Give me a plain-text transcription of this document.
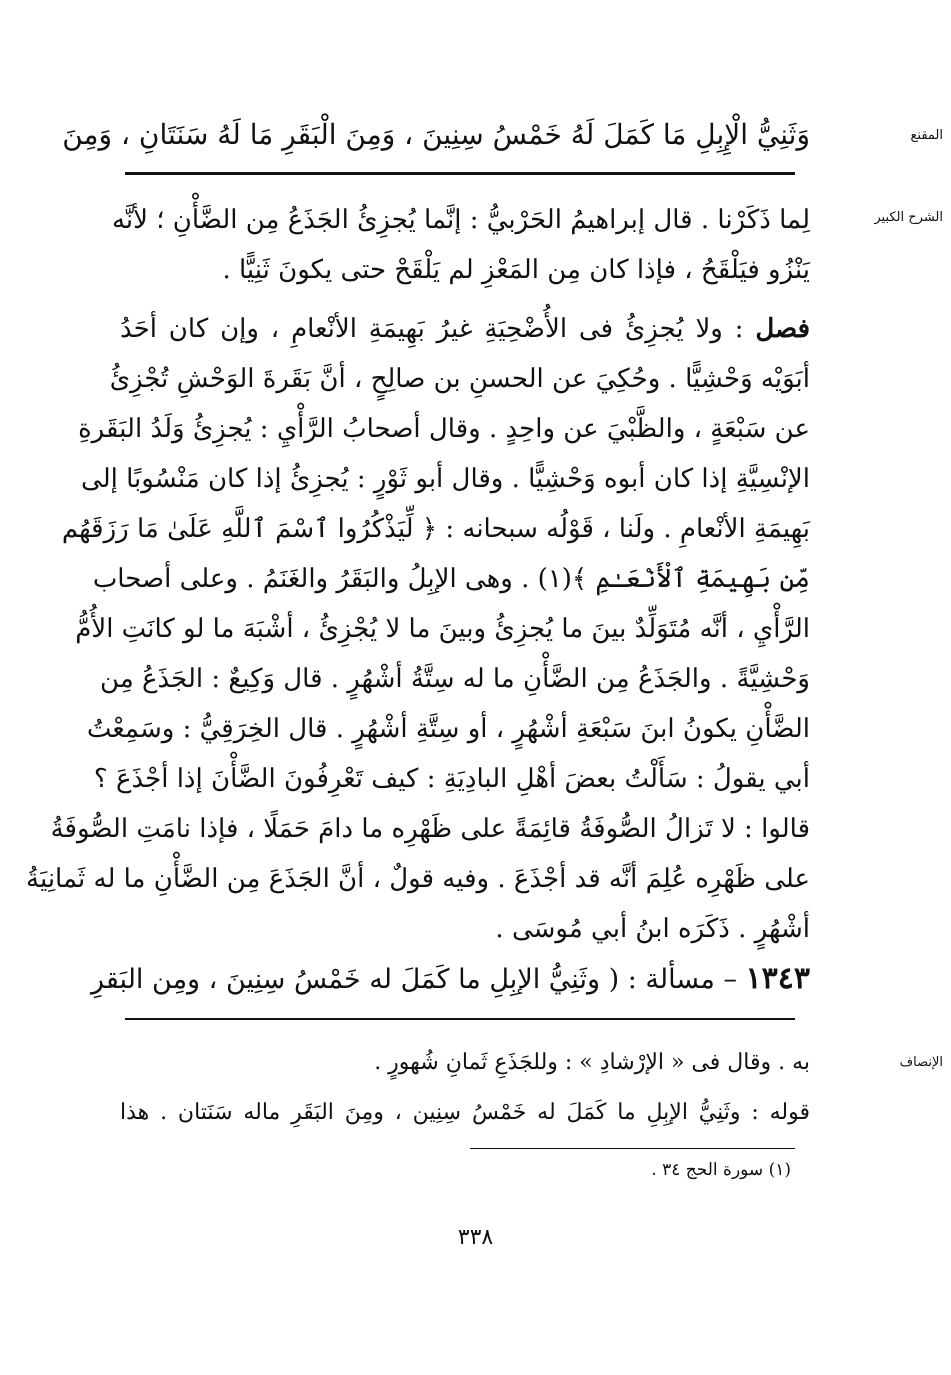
المقنع
وَثَنِيُّ الْإِبِلِ مَا كَمَلَ لَهُ خَمْسُ سِنِينَ ، وَمِنَ الْبَقَرِ مَا لَهُ سَنَتَانِ ، وَمِنَ
الشرح الكبير
لِما ذَكَرْنا . قال إبراهيمُ الحَرْبيُّ : إنَّما يُجزِئُ الجَذَعُ مِن الضَّأْنِ ؛ لأنَّه
يَنْزُو فيَلْقَحُ ، فإذا كان مِن المَعْزِ لم يَلْقَحْ حتى يكونَ ثَنِيًّا .
فصل : ولا يُجزِئُ فى الأُضْحِيَةِ غيرُ بَهِيمَةِ الأنْعامِ ، وإن كان أحَدُ
أبَوَيْه وَحْشِيًّا . وحُكِيَ عن الحسنِ بن صالِحٍ ، أنَّ بَقَرةَ الوَحْشِ تُجْزِئُ
عن سَبْعَةٍ ، والظَّبْيَ عن واحِدٍ . وقال أصحابُ الرَّأْيِ : يُجزِئُ وَلَدُ البَقَرةِ
الإنْسِيَّةِ إذا كان أبوه وَحْشِيًّا . وقال أبو ثَوْرٍ : يُجزِئُ إذا كان مَنْسُوبًا إلى
بَهِيمَةِ الأنْعامِ . ولَنا ، قَوْلُه سبحانه : ﴿ لِّيَذْكُرُوا ٱسْمَ ٱللَّهِ عَلَىٰ مَا رَزَقَهُم
مِّن بَهِيمَةِ ٱلْأَنْعَـٰمِ ﴾(١) . وهى الإبِلُ والبَقَرُ والغَنَمُ . وعلى أصحاب
الرَّأْيِ ، أنَّه مُتَوَلِّدٌ بينَ ما يُجزِئُ وبينَ ما لا يُجْزِئُ ، أشْبَهَ ما لو كانَتِ الأُمُّ
وَحْشِيَّةً . والجَذَعُ مِن الضَّأْنِ ما له سِتَّةُ أشْهُرٍ . قال وَكِيعٌ : الجَذَعُ مِن
الضَّأْنِ يكونُ ابنَ سَبْعَةِ أشْهُرٍ ، أو سِتَّةِ أشْهُرٍ . قال الخِرَقِيُّ : وسَمِعْتُ
أبي يقولُ : سَأَلْتُ بعضَ أهْلِ البادِيَةِ : كيف تَعْرِفُونَ الضَّأْنَ إذا أجْذَعَ ؟
قالوا : لا تَزالُ الصُّوفَةُ قائِمَةً على ظَهْرِه ما دامَ حَمَلًا ، فإذا نامَتِ الصُّوفَةُ
على ظَهْرِه عُلِمَ أنَّه قد أجْذَعَ . وفيه قولٌ ، أنَّ الجَذَعَ مِن الضَّأْنِ ما له ثَمانِيَةُ
أشْهُرٍ . ذَكَرَه ابنُ أبي مُوسَى .
١٣٤٣ – مسألة : ( وثَنِيُّ الإبِلِ ما كَمَلَ له خَمْسُ سِنِينَ ، ومِن البَقرِ
الإنصاف
به . وقال فى « الإرْشادِ » : وللجَذَعِ ثَمانِ شُهورٍ .
قوله : وثَنِيُّ الإبِلِ ما كَمَلَ له خَمْسُ سِنِين ، ومِنَ البَقَرِ ماله سَنَتان . هذا
(١) سورة الحج ٣٤ .
٣٣٨
